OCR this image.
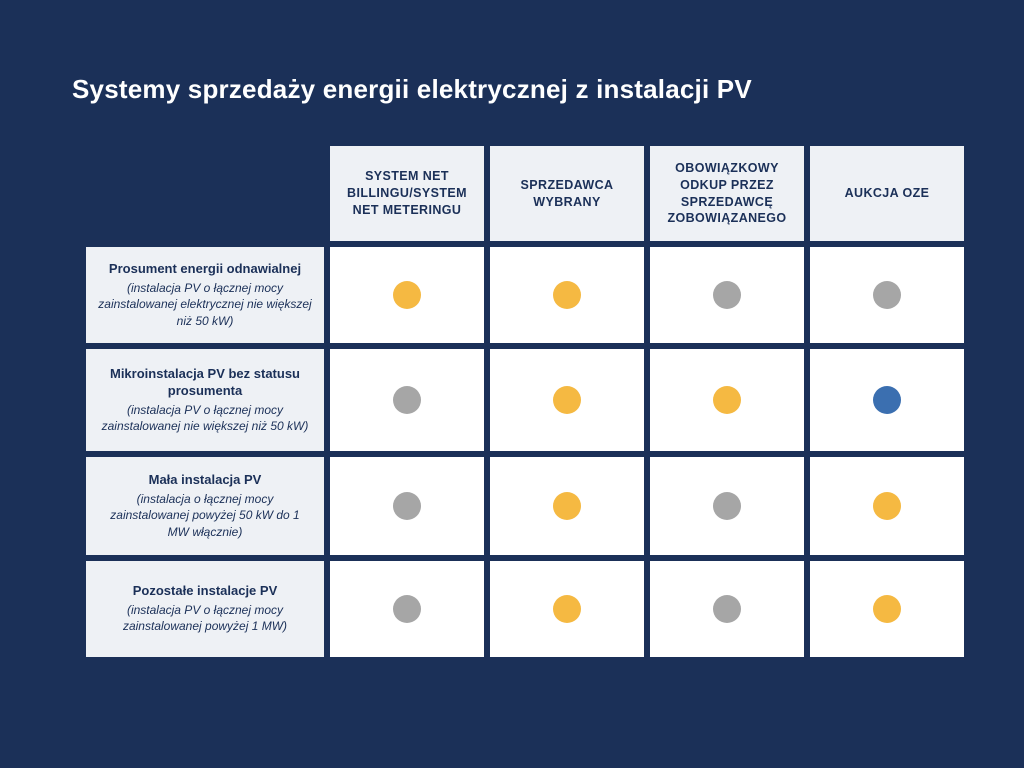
Systemy sprzedaży energii elektrycznej z instalacji PV
SYSTEM NET BILLINGU/SYSTEM NET METERINGU
SPRZEDAWCA WYBRANY
OBOWIĄZKOWY ODKUP PRZEZ SPRZEDAWCĘ ZOBOWIĄZANEGO
AUKCJA OZE
Prosument energii odnawialnej
(instalacja PV o łącznej mocy zainstalowanej elektrycznej nie większej niż 50 kW)
Mikroinstalacja PV bez statusu prosumenta
(instalacja PV o łącznej mocy zainstalowanej nie większej niż 50 kW)
Mała instalacja PV
(instalacja o łącznej mocy zainstalowanej powyżej 50 kW do 1 MW włącznie)
Pozostałe instalacje PV
(instalacja PV o łącznej mocy zainstalowanej powyżej 1 MW)
